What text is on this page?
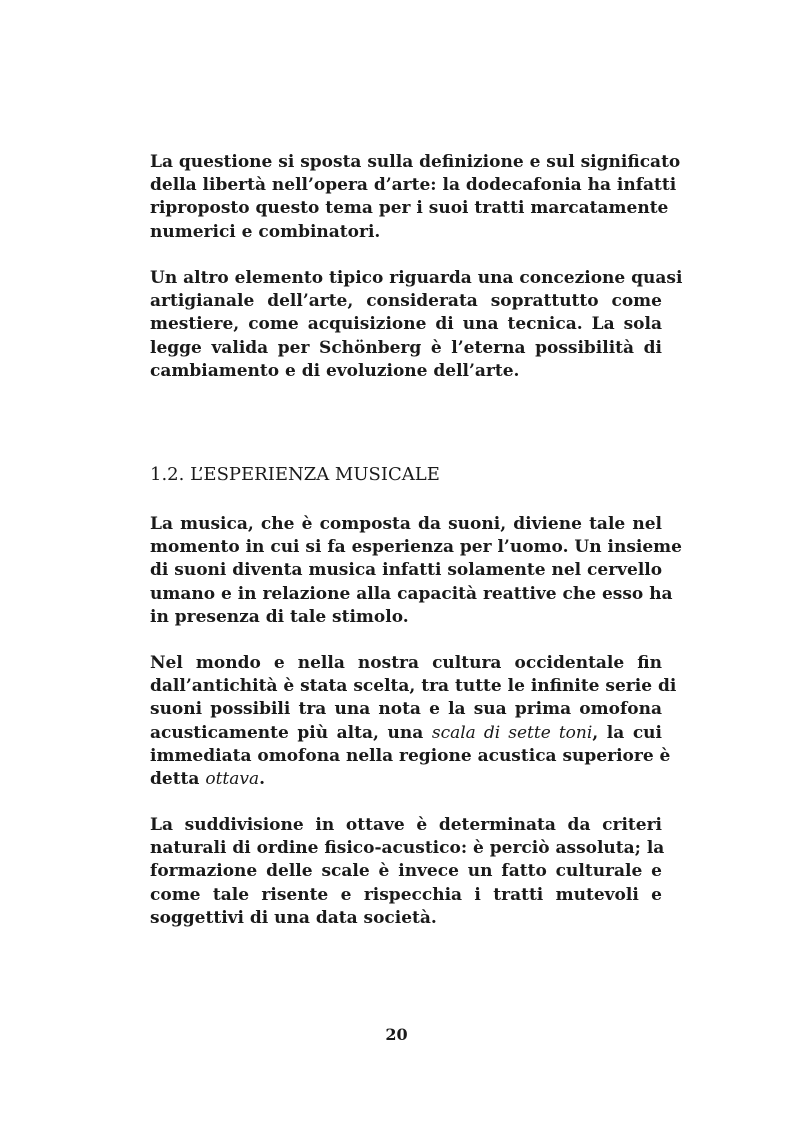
La questione si sposta sulla definizione e sul significato
della libertà nell’opera d’arte: la dodecafonia ha infatti
riproposto questo tema per i suoi tratti marcatamente
numerici e combinatori.

Un altro elemento tipico riguarda una concezione quasi
artigianale dell’arte, considerata soprattutto come
mestiere, come acquisizione di una tecnica. La sola
legge valida per Schönberg è l’eterna possibilità di
cambiamento e di evoluzione dell’arte.

1.2. L’ESPERIENZA MUSICALE

La musica, che è composta da suoni, diviene tale nel
momento in cui si fa esperienza per l’uomo. Un insieme
di suoni diventa musica infatti solamente nel cervello
umano e in relazione alla capacità reattive che esso ha
in presenza di tale stimolo.

Nel mondo e nella nostra cultura occidentale fin
dall’antichità è stata scelta, tra tutte le infinite serie di
suoni possibili tra una nota e la sua prima omofona
acusticamente più alta, una scala di sette toni, la cui
immediata omofona nella regione acustica superiore è
detta ottava.

La suddivisione in ottave è determinata da criteri
naturali di ordine fisico-acustico: è perciò assoluta; la
formazione delle scale è invece un fatto culturale e
come tale risente e rispecchia i tratti mutevoli e
soggettivi di una data società.

20
